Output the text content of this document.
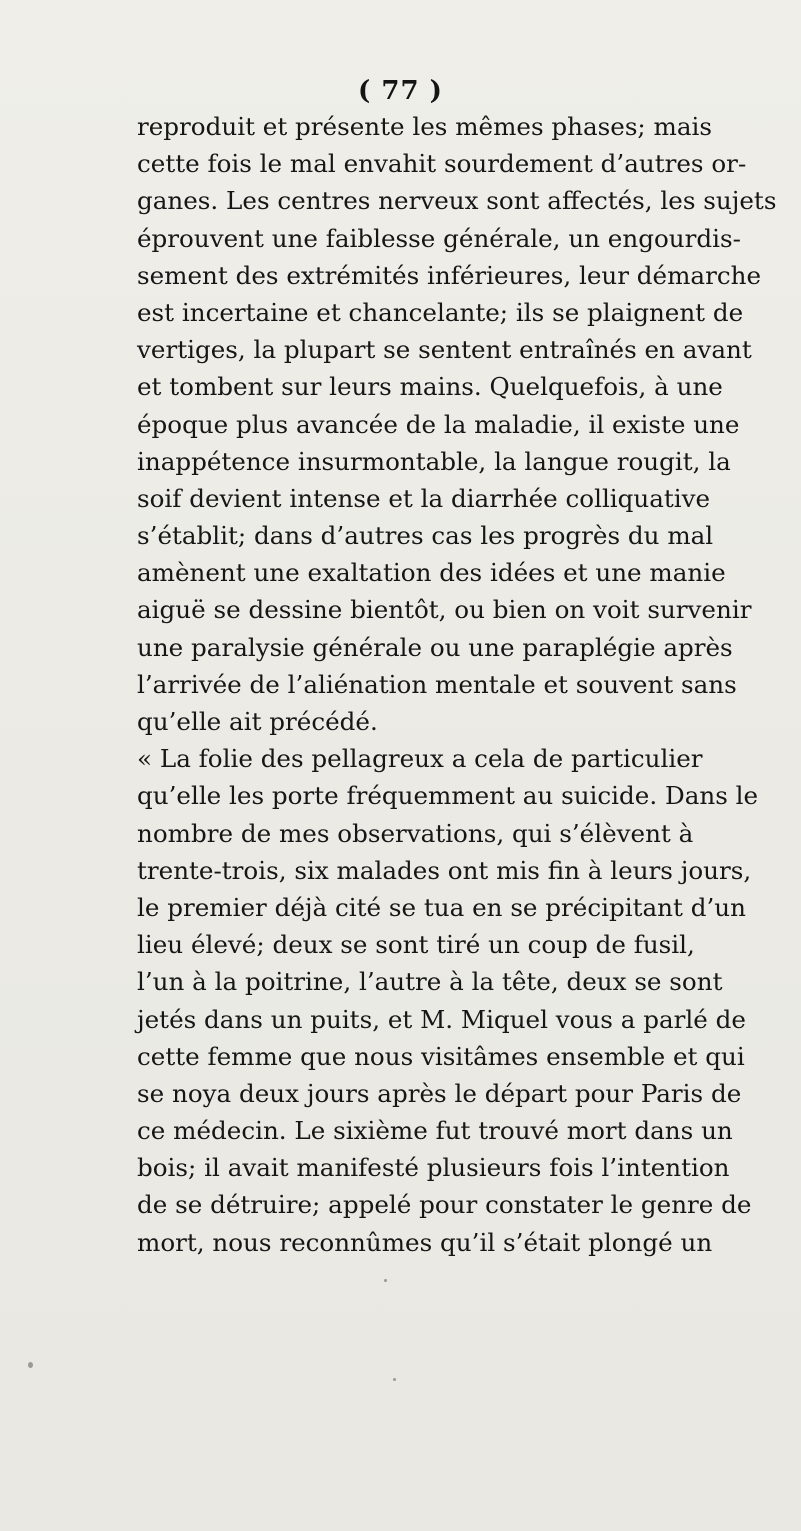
( 77 )
reproduit et présente les mêmes phases; mais
cette fois le mal envahit sourdement d’autres or-
ganes. Les centres nerveux sont affectés, les sujets
éprouvent une faiblesse générale, un engourdis-
sement des extrémités inférieures, leur démarche
est incertaine et chancelante; ils se plaignent de
vertiges, la plupart se sentent entraînés en avant
et tombent sur leurs mains. Quelquefois, à une
époque plus avancée de la maladie, il existe une
inappétence insurmontable, la langue rougit, la
soif devient intense et la diarrhée colliquative
s’établit; dans d’autres cas les progrès du mal
amènent une exaltation des idées et une manie
aiguë se dessine bientôt, ou bien on voit survenir
une paralysie générale ou une paraplégie après
l’arrivée de l’aliénation mentale et souvent sans
qu’elle ait précédé.
« La folie des pellagreux a cela de particulier
qu’elle les porte fréquemment au suicide. Dans le
nombre de mes observations, qui s’élèvent à
trente-trois, six malades ont mis fin à leurs jours,
le premier déjà cité se tua en se précipitant d’un
lieu élevé; deux se sont tiré un coup de fusil,
l’un à la poitrine, l’autre à la tête, deux se sont
jetés dans un puits, et M. Miquel vous a parlé de
cette femme que nous visitâmes ensemble et qui
se noya deux jours après le départ pour Paris de
ce médecin. Le sixième fut trouvé mort dans un
bois; il avait manifesté plusieurs fois l’intention
de se détruire; appelé pour constater le genre de
mort, nous reconnûmes qu’il s’était plongé un
